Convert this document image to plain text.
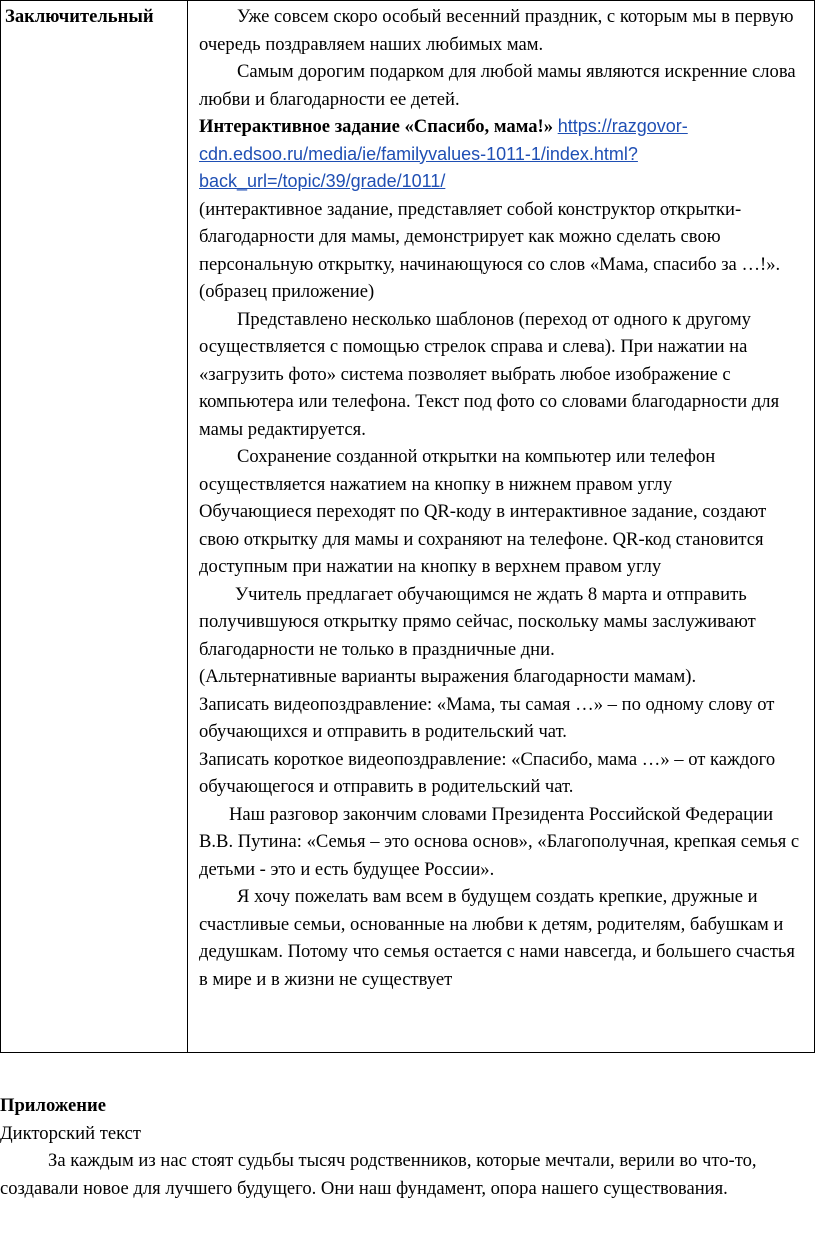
Заключительный	Уже совсем скоро особый весенний праздник, с которым мы в первую очередь поздравляем наших любимых мам.

Самым дорогим подарком для любой мамы являются искренние слова любви и благодарности ее детей.

Интерактивное задание «Спасибо, мама!» https://razgovor-cdn.edsoo.ru/media/ie/familyvalues-1011-1/index.html?back_url=/topic/39/grade/1011/

(интерактивное задание, представляет собой конструктор открытки-благодарности для мамы, демонстрирует как можно сделать свою персональную открытку, начинающуюся со слов «Мама, спасибо за …!». (образец приложение)

Представлено несколько шаблонов (переход от одного к другому осуществляется с помощью стрелок справа и слева). При нажатии на «загрузить фото» система позволяет выбрать любое изображение с компьютера или телефона. Текст под фото со словами благодарности для мамы редактируется.

Сохранение созданной открытки на компьютер или телефон осуществляется нажатием на кнопку в нижнем правом углу

Обучающиеся переходят по QR-коду в интерактивное задание, создают свою открытку для мамы и сохраняют на телефоне. QR-код становится доступным при нажатии на кнопку в верхнем правом углу

Учитель предлагает обучающимся не ждать 8 марта и отправить получившуюся открытку прямо сейчас, поскольку мамы заслуживают благодарности не только в праздничные дни.

(Альтернативные варианты выражения благодарности мамам).

Записать видеопоздравление: «Мама, ты самая …» – по одному слову от обучающихся и отправить в родительский чат.

Записать короткое видеопоздравление: «Спасибо, мама …» – от каждого обучающегося и отправить в родительский чат.

Наш разговор закончим словами Президента Российской Федерации В.В. Путина: «Семья – это основа основ», «Благополучная, крепкая семья с детьми - это и есть будущее России».

Я хочу пожелать вам всем в будущем создать крепкие, дружные и счастливые семьи, основанные на любви к детям, родителям, бабушкам и дедушкам. Потому что семья остается с нами навсегда, и большего счастья в мире и в жизни не существует

Приложение

Дикторский текст

За каждым из нас стоят судьбы тысяч родственников, которые мечтали, верили во что-то, создавали новое для лучшего будущего. Они наш фундамент, опора нашего существования.
